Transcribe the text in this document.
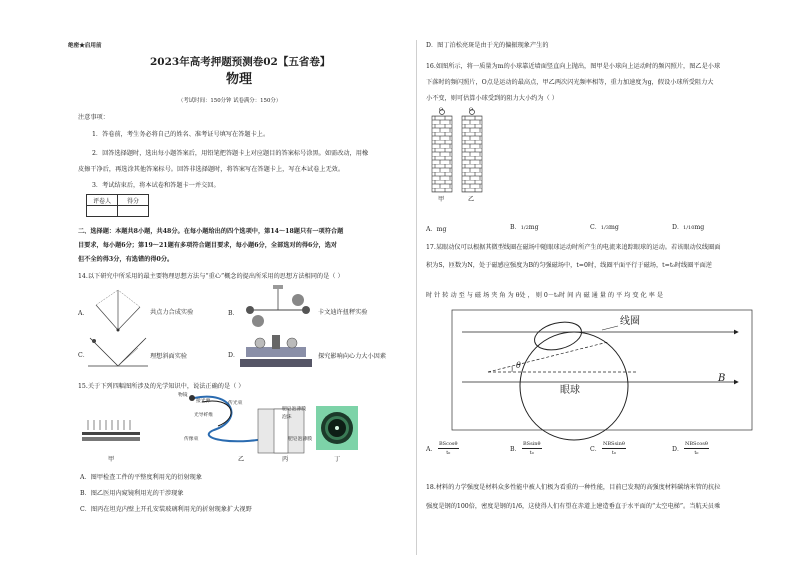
绝密★启用前
2023年高考押题预测卷02【五省卷】
物理
（考试时间：150分钟 试卷满分：150分）
注意事项：
1．答卷前，考生务必将自己的姓名、准考证号填写在答题卡上。
2．回答选择题时，选出每小题答案后，用铅笔把答题卡上对应题目的答案标号涂黑。如需改动，用橡
皮擦干净后，再选涂其他答案标号。回答非选择题时，将答案写在答题卡上，写在本试卷上无效。
3．考试结束后，将本试卷和答题卡一并交回。
评卷人	得分

二、选择题：本题共8小题，共48分。在每小题给出的四个选项中，第14～18题只有一项符合题
目要求，每小题6分；第19～21题有多项符合题目要求，每小题6分，全部选对的得6分，选对
但不全的得3分，有选错的得0分。
14.以下研究中所采用的最主要物理思想方法与“重心”概念的提出所采用的思想方法相同的是（ ）
A．	共点力合成实验	B．	卡文迪许扭秤实验
C．	理想斜面实验	D．	探究影响向心力大小因素
15.关于下列四幅图所涉及的光学知识中，说法正确的是（ ）
甲
物镜
接光源	传光束
光导纤维
传像束
乙
肥皂泡薄膜
泡沫
肥皂泡薄膜
丙	丁
A．图甲检查工件的平整度利用光的衍射现象
B．图乙医用内窥镜利用光的干涉现象
C．图丙在坦克内壁上开孔安装玻璃利用光的折射现象扩大视野
D．图丁泊松亮斑是由于光的偏振现象产生的
16.如图所示，将一质量为m的小球靠近墙面竖直向上抛出，图甲是小球向上运动时的频闪照片，图乙是小球
下落时的频闪照片，O点是运动的最高点，甲乙两次闪光频率相等，重力加速度为g，假设小球所受阻力大
小不变，则可估算小球受到的阻力大小约为（ ）
O	O
甲	乙
A．mg	B．1/2mg	C．1/3mg	D．1/10mg
17.某眼动仪可以根据其微型线圈在磁场中随眼球运动时所产生的电流来追踪眼球的运动。若该眼动仪线圈面
积为S，匝数为N，处于磁感应强度为B的匀强磁场中，t=0时，线圈平面平行于磁场，t=t₀时线圈平面逆
时 针 转 动 至 与 磁 场 夹 角 为 θ处 ， 则 0－t₀时 间 内 磁 通 量 的 平 均 变 化 率 是
线圈
眼球
B
θ
A． $\frac{BScos\theta}{\text{t₀}}$	B． $\frac{BSsin\theta}{\text{t₀}}$	C．
NBSsinθ
t₀	D．
NBScosθ
t₀
18.材料的力学强度是材料众多性能中被人们极为看重的一种性能，目前已发现的高强度材料碳纳米管的抗拉
强度是钢的100倍，密度是钢的1/6，这使得人们有望在赤道上建造垂直于水平面的“太空电梯”。当航天员乘
